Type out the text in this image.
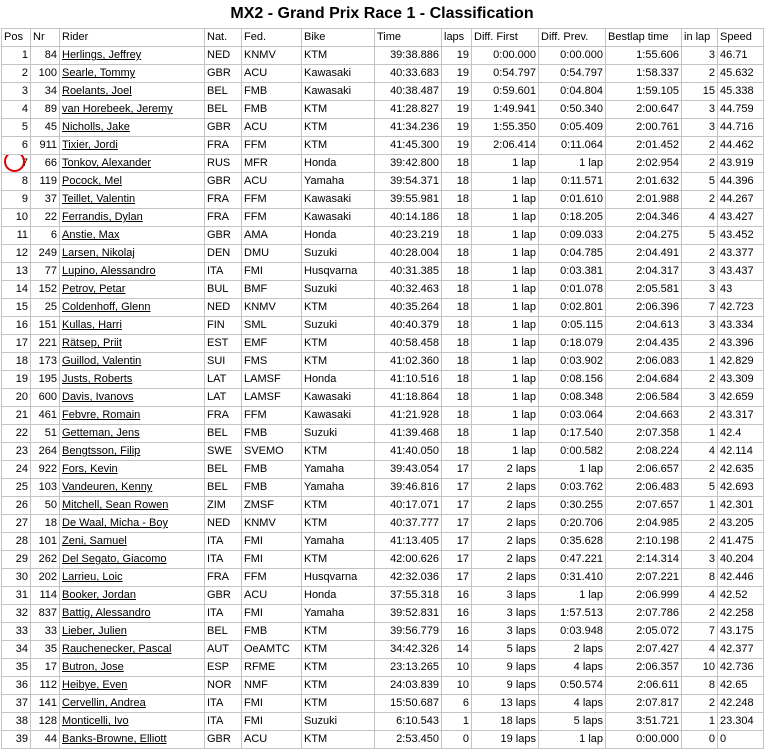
MX2 - Grand Prix Race 1 - Classification
Pos	Nr	Rider	Nat.	Fed.	Bike	Time	laps	Diff. First	Diff. Prev.	Bestlap time	in lap	Speed
1	84	Herlings, Jeffrey	NED	KNMV	KTM	39:38.886	19	0:00.000	0:00.000	1:55.606	3	46.71
2	100	Searle, Tommy	GBR	ACU	Kawasaki	40:33.683	19	0:54.797	0:54.797	1:58.337	2	45.632
3	34	Roelants, Joel	BEL	FMB	Kawasaki	40:38.487	19	0:59.601	0:04.804	1:59.105	15	45.338
4	89	van Horebeek, Jeremy	BEL	FMB	KTM	41:28.827	19	1:49.941	0:50.340	2:00.647	3	44.759
5	45	Nicholls, Jake	GBR	ACU	KTM	41:34.236	19	1:55.350	0:05.409	2:00.761	3	44.716
6	911	Tixier, Jordi	FRA	FFM	KTM	41:45.300	19	2:06.414	0:11.064	2:01.452	2	44.462
7	66	Tonkov, Alexander	RUS	MFR	Honda	39:42.800	18	1 lap	1 lap	2:02.954	2	43.919
8	119	Pocock, Mel	GBR	ACU	Yamaha	39:54.371	18	1 lap	0:11.571	2:01.632	5	44.396
9	37	Teillet, Valentin	FRA	FFM	Kawasaki	39:55.981	18	1 lap	0:01.610	2:01.988	2	44.267
10	22	Ferrandis, Dylan	FRA	FFM	Kawasaki	40:14.186	18	1 lap	0:18.205	2:04.346	4	43.427
11	6	Anstie, Max	GBR	AMA	Honda	40:23.219	18	1 lap	0:09.033	2:04.275	5	43.452
12	249	Larsen, Nikolaj	DEN	DMU	Suzuki	40:28.004	18	1 lap	0:04.785	2:04.491	2	43.377
13	77	Lupino, Alessandro	ITA	FMI	Husqvarna	40:31.385	18	1 lap	0:03.381	2:04.317	3	43.437
14	152	Petrov, Petar	BUL	BMF	Suzuki	40:32.463	18	1 lap	0:01.078	2:05.581	3	43
15	25	Coldenhoff, Glenn	NED	KNMV	KTM	40:35.264	18	1 lap	0:02.801	2:06.396	7	42.723
16	151	Kullas, Harri	FIN	SML	Suzuki	40:40.379	18	1 lap	0:05.115	2:04.613	3	43.334
17	221	Rätsep, Priit	EST	EMF	KTM	40:58.458	18	1 lap	0:18.079	2:04.435	2	43.396
18	173	Guillod, Valentin	SUI	FMS	KTM	41:02.360	18	1 lap	0:03.902	2:06.083	1	42.829
19	195	Justs, Roberts	LAT	LAMSF	Honda	41:10.516	18	1 lap	0:08.156	2:04.684	2	43.309
20	600	Davis, Ivanovs	LAT	LAMSF	Kawasaki	41:18.864	18	1 lap	0:08.348	2:06.584	3	42.659
21	461	Febvre, Romain	FRA	FFM	Kawasaki	41:21.928	18	1 lap	0:03.064	2:04.663	2	43.317
22	51	Getteman, Jens	BEL	FMB	Suzuki	41:39.468	18	1 lap	0:17.540	2:07.358	1	42.4
23	264	Bengtsson, Filip	SWE	SVEMO	KTM	41:40.050	18	1 lap	0:00.582	2:08.224	4	42.114
24	922	Fors, Kevin	BEL	FMB	Yamaha	39:43.054	17	2 laps	1 lap	2:06.657	2	42.635
25	103	Vandeuren, Kenny	BEL	FMB	Yamaha	39:46.816	17	2 laps	0:03.762	2:06.483	5	42.693
26	50	Mitchell, Sean Rowen	ZIM	ZMSF	KTM	40:17.071	17	2 laps	0:30.255	2:07.657	1	42.301
27	18	De Waal, Micha - Boy	NED	KNMV	KTM	40:37.777	17	2 laps	0:20.706	2:04.985	2	43.205
28	101	Zeni, Samuel	ITA	FMI	Yamaha	41:13.405	17	2 laps	0:35.628	2:10.198	2	41.475
29	262	Del Segato, Giacomo	ITA	FMI	KTM	42:00.626	17	2 laps	0:47.221	2:14.314	3	40.204
30	202	Larrieu, Loic	FRA	FFM	Husqvarna	42:32.036	17	2 laps	0:31.410	2:07.221	8	42.446
31	114	Booker, Jordan	GBR	ACU	Honda	37:55.318	16	3 laps	1 lap	2:06.999	4	42.52
32	837	Battig, Alessandro	ITA	FMI	Yamaha	39:52.831	16	3 laps	1:57.513	2:07.786	2	42.258
33	33	Lieber, Julien	BEL	FMB	KTM	39:56.779	16	3 laps	0:03.948	2:05.072	7	43.175
34	35	Rauchenecker, Pascal	AUT	OeAMTC	KTM	34:42.326	14	5 laps	2 laps	2:07.427	4	42.377
35	17	Butron, Jose	ESP	RFME	KTM	23:13.265	10	9 laps	4 laps	2:06.357	10	42.736
36	112	Heibye, Even	NOR	NMF	KTM	24:03.839	10	9 laps	0:50.574	2:06.611	8	42.65
37	141	Cervellin, Andrea	ITA	FMI	KTM	15:50.687	6	13 laps	4 laps	2:07.817	2	42.248
38	128	Monticelli, Ivo	ITA	FMI	Suzuki	6:10.543	1	18 laps	5 laps	3:51.721	1	23.304
39	44	Banks-Browne, Elliott	GBR	ACU	KTM	2:53.450	0	19 laps	1 lap	0:00.000	0	0
